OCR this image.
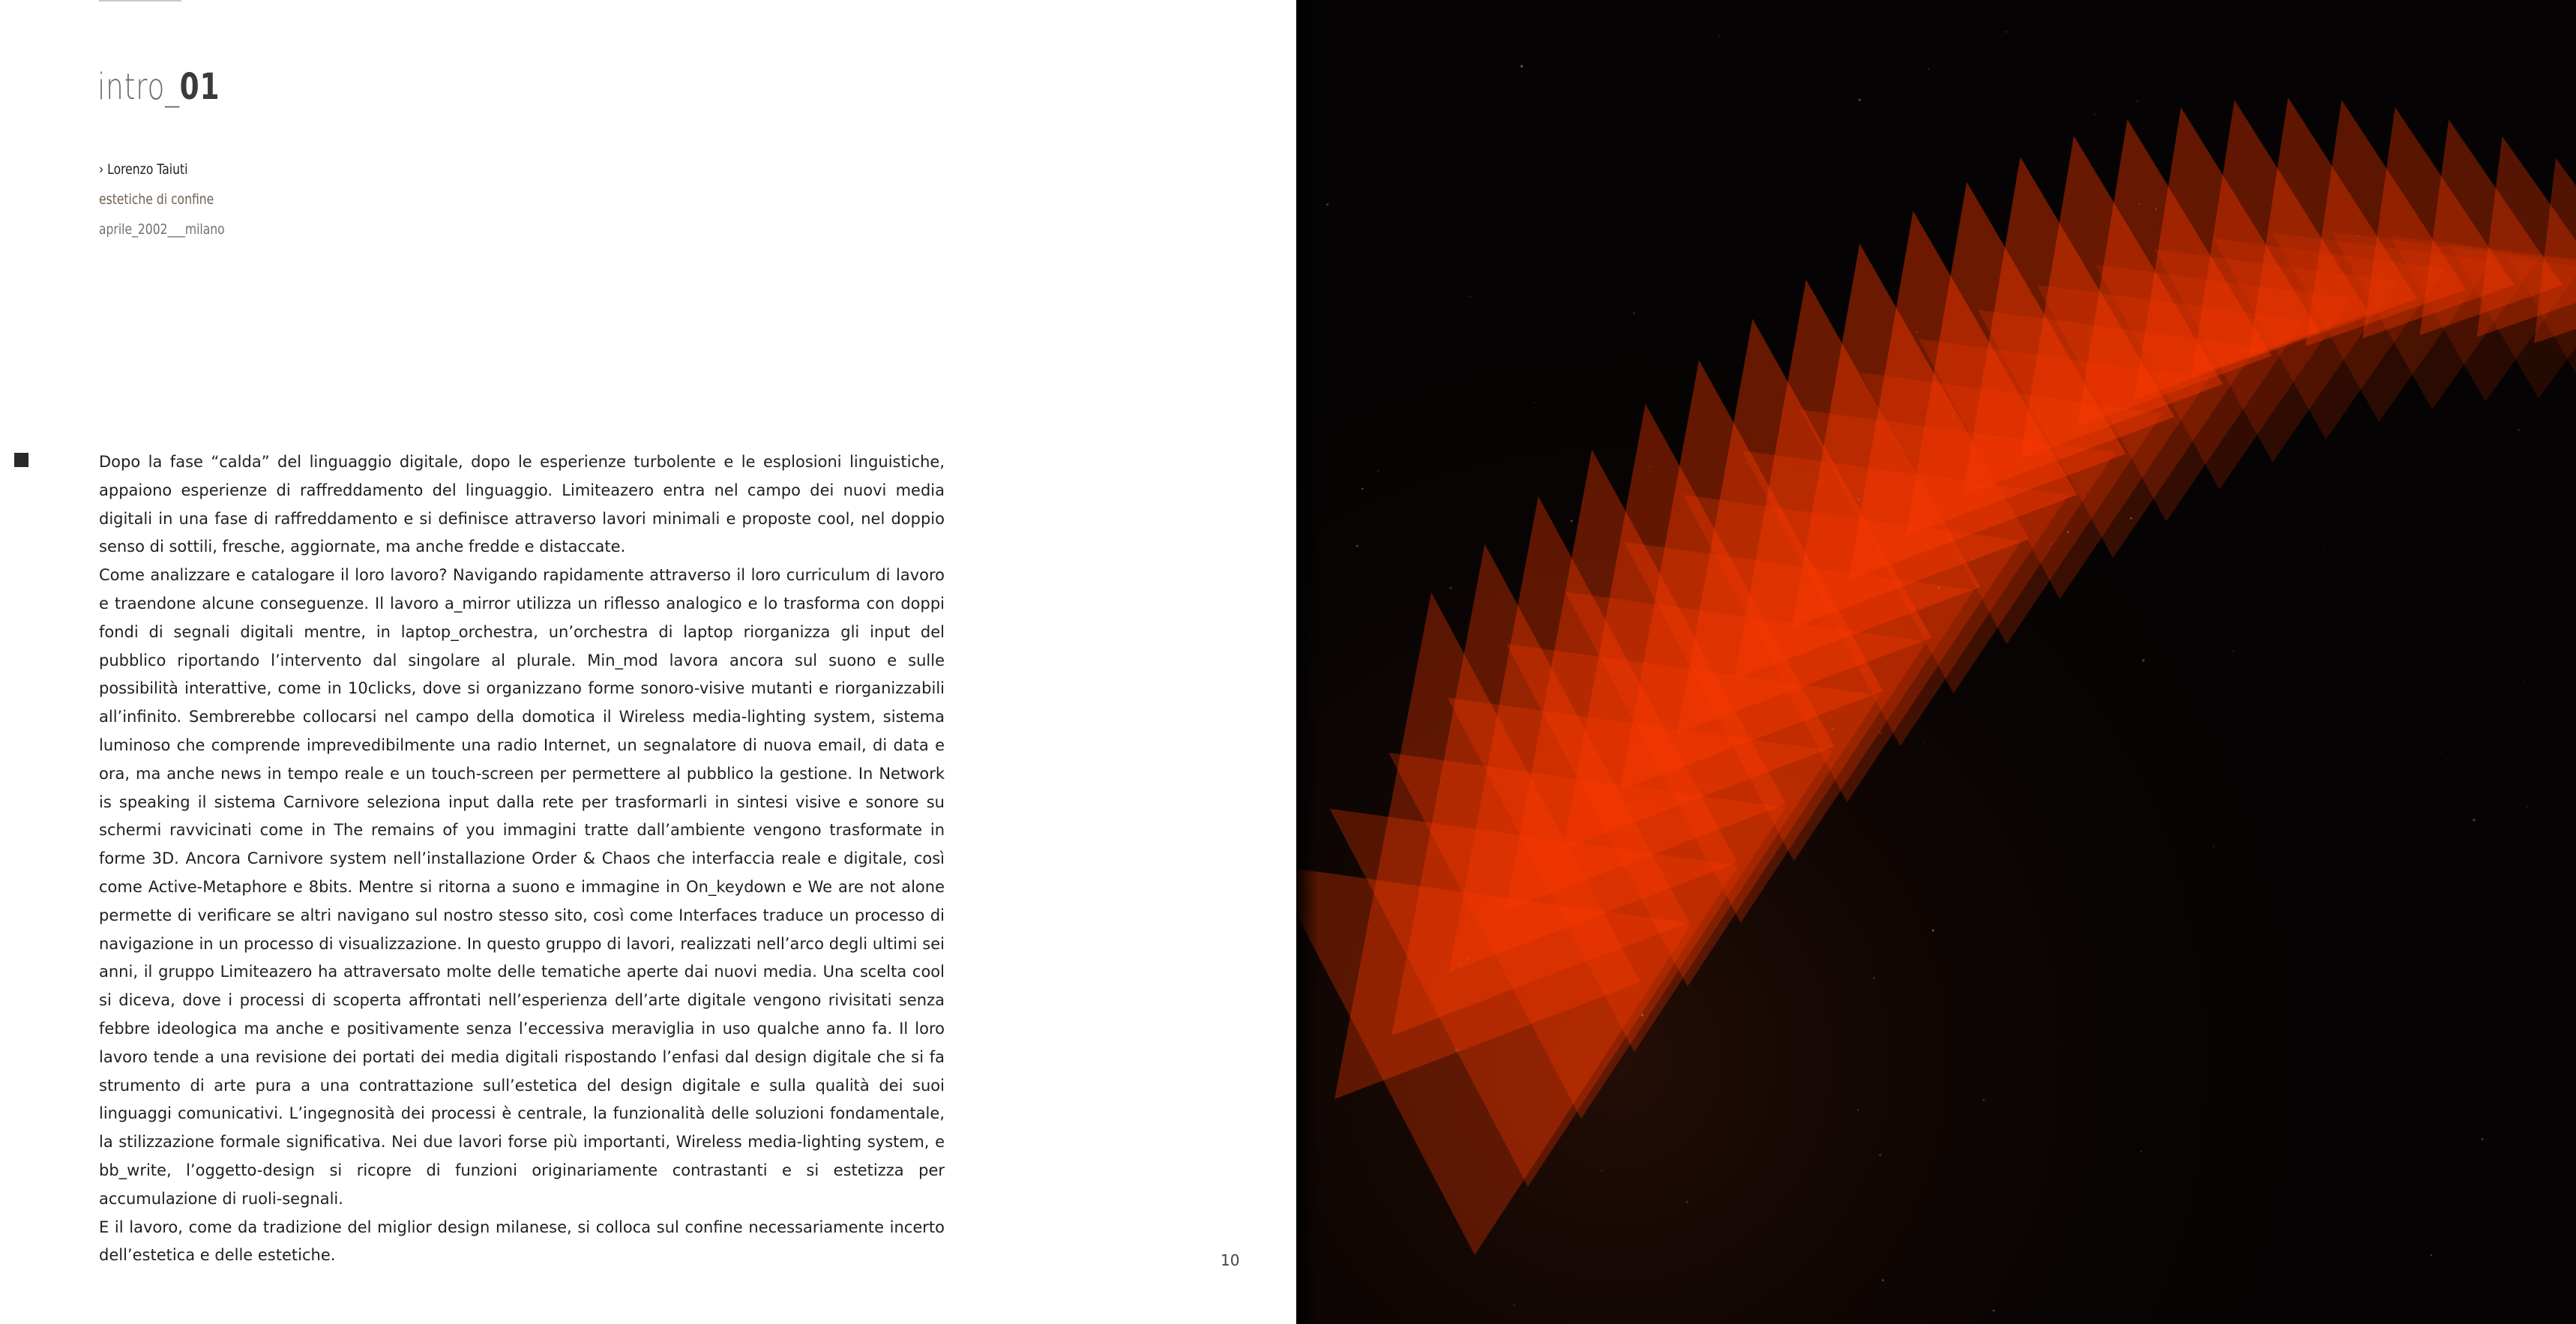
intro_01
› Lorenzo Taiuti
estetiche di confine
aprile_2002___milano

Dopo la fase “calda” del linguaggio digitale, dopo le esperienze turbolente e le esplosioni linguistiche, appaiono esperienze di raffreddamento del linguaggio. Limiteazero entra nel campo dei nuovi media digitali in una fase di raffreddamento e si definisce attraverso lavori minimali e proposte cool, nel doppio senso di sottili, fresche, aggiornate, ma anche fredde e distaccate.

Come analizzare e catalogare il loro lavoro? Navigando rapidamente attraverso il loro curriculum di lavoro e traendone alcune conseguenze. Il lavoro a_mirror utilizza un riflesso analogico e lo trasforma con doppi fondi di segnali digitali mentre, in laptop_orchestra, un’orchestra di laptop riorganizza gli input del pubblico riportando l’intervento dal singolare al plurale. Min_mod lavora ancora sul suono e sulle possibilità interattive, come in 10clicks, dove si organizzano forme sonoro-visive mutanti e riorganizzabili all’infinito. Sembrerebbe collocarsi nel campo della domotica il Wireless media-lighting system, sistema luminoso che comprende imprevedibilmente una radio Internet, un segnalatore di nuova email, di data e ora, ma anche news in tempo reale e un touch-screen per permettere al pubblico la gestione. In Network is speaking il sistema Carnivore seleziona input dalla rete per trasformarli in sintesi visive e sonore su schermi ravvicinati come in The remains of you immagini tratte dall’ambiente vengono trasformate in forme 3D. Ancora Carnivore system nell’installazione Order & Chaos che interfaccia reale e digitale, così come Active-Metaphore e 8bits. Mentre si ritorna a suono e immagine in On_keydown e We are not alone permette di verificare se altri navigano sul nostro stesso sito, così come Interfaces traduce un processo di navigazione in un processo di visualizzazione. In questo gruppo di lavori, realizzati nell’arco degli ultimi sei anni, il gruppo Limiteazero ha attraversato molte delle tematiche aperte dai nuovi media. Una scelta cool si diceva, dove i processi di scoperta affrontati nell’esperienza dell’arte digitale vengono rivisitati senza febbre ideologica ma anche e positivamente senza l’eccessiva meraviglia in uso qualche anno fa. Il loro lavoro tende a una revisione dei portati dei media digitali rispostando l’enfasi dal design digitale che si fa strumento di arte pura a una contrattazione sull’estetica del design digitale e sulla qualità dei suoi linguaggi comunicativi. L’ingegnosità dei processi è centrale, la funzionalità delle soluzioni fondamentale, la stilizzazione formale significativa. Nei due lavori forse più importanti, Wireless media-lighting system, e bb_write, l’oggetto-design si ricopre di funzioni originariamente contrastanti e si estetizza per accumulazione di ruoli-segnali.

E il lavoro, come da tradizione del miglior design milanese, si colloca sul confine necessariamente incerto dell’estetica e delle estetiche.	10
